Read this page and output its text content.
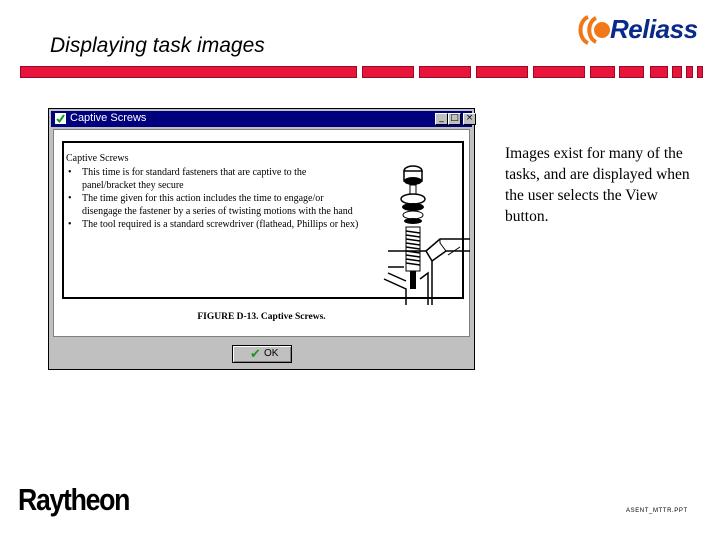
Displaying task images
Reliass
Captive Screws	_ □ ×
Captive Screws
• This time is for standard fasteners that are captive to the panel/bracket they secure
• The time given for this action includes the time to engage/or disengage the fastener by a series of twisting motions with the hand
• The tool required is a standard screwdriver (flathead, Phillips or hex)
FIGURE D-13. Captive Screws.
✔ OK
Images exist for many of the tasks, and are displayed when the user selects the View button.
Raytheon	ASENT_MTTR.PPT
